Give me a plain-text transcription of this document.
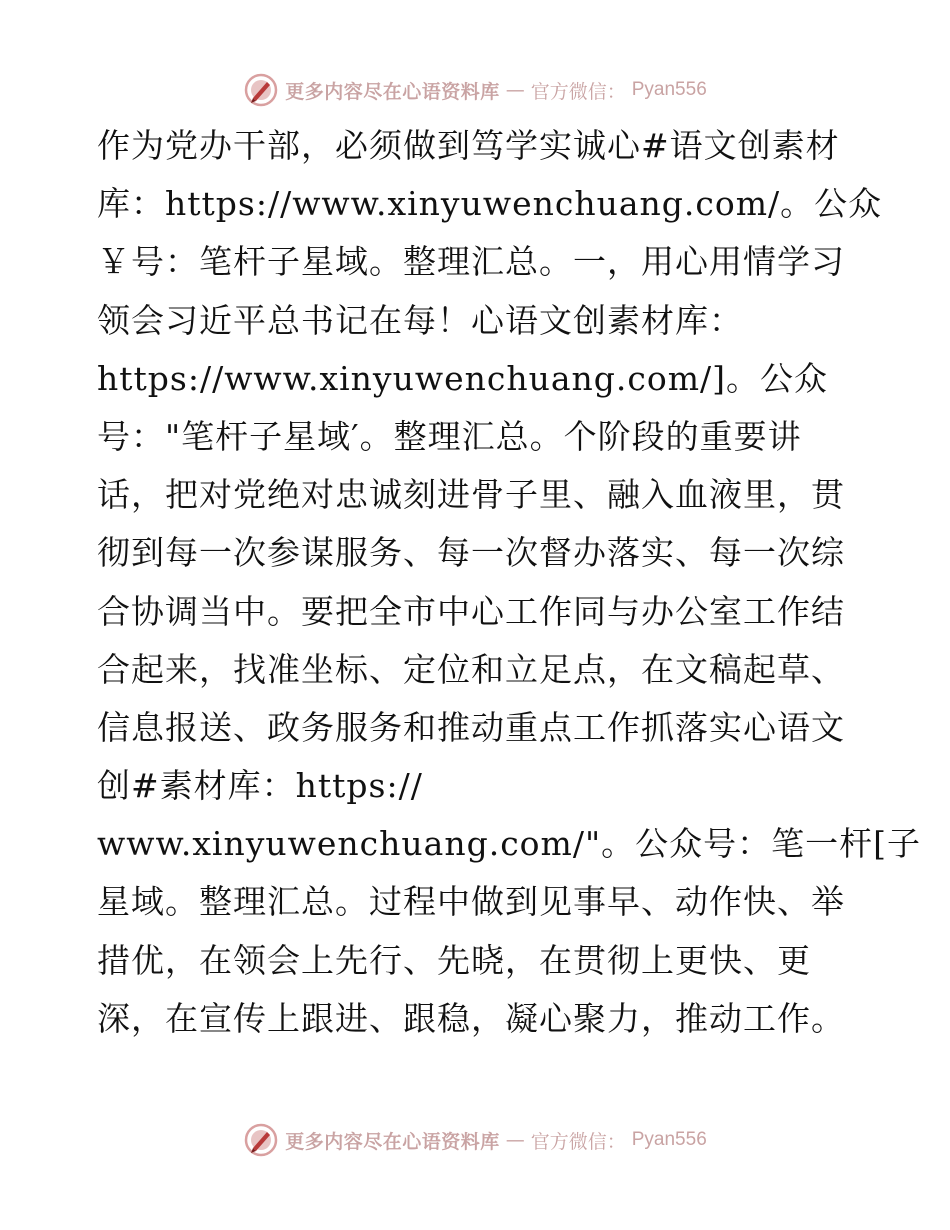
更多内容尽在心语资料库 — 官方微信： Pyan556
作为党办干部，必须做到笃学实诚心#语文创素材
库：https://www.xinyuwenchuang.com/。公众
￥号：笔杆子星域。整理汇总。一，用心用情学习
领会习近平总书记在每！心语文创素材库：
https://www.xinyuwenchuang.com/]。公众
号："笔杆子星域′。整理汇总。个阶段的重要讲
话，把对党绝对忠诚刻进骨子里、融入血液里，贯
彻到每一次参谋服务、每一次督办落实、每一次综
合协调当中。要把全市中心工作同与办公室工作结
合起来，找准坐标、定位和立足点，在文稿起草、
信息报送、政务服务和推动重点工作抓落实心语文
创#素材库：https://
www.xinyuwenchuang.com/"。公众号：笔一杆[子
星域。整理汇总。过程中做到见事早、动作快、举
措优，在领会上先行、先晓，在贯彻上更快、更
深，在宣传上跟进、跟稳，凝心聚力，推动工作。
更多内容尽在心语资料库 — 官方微信： Pyan556
